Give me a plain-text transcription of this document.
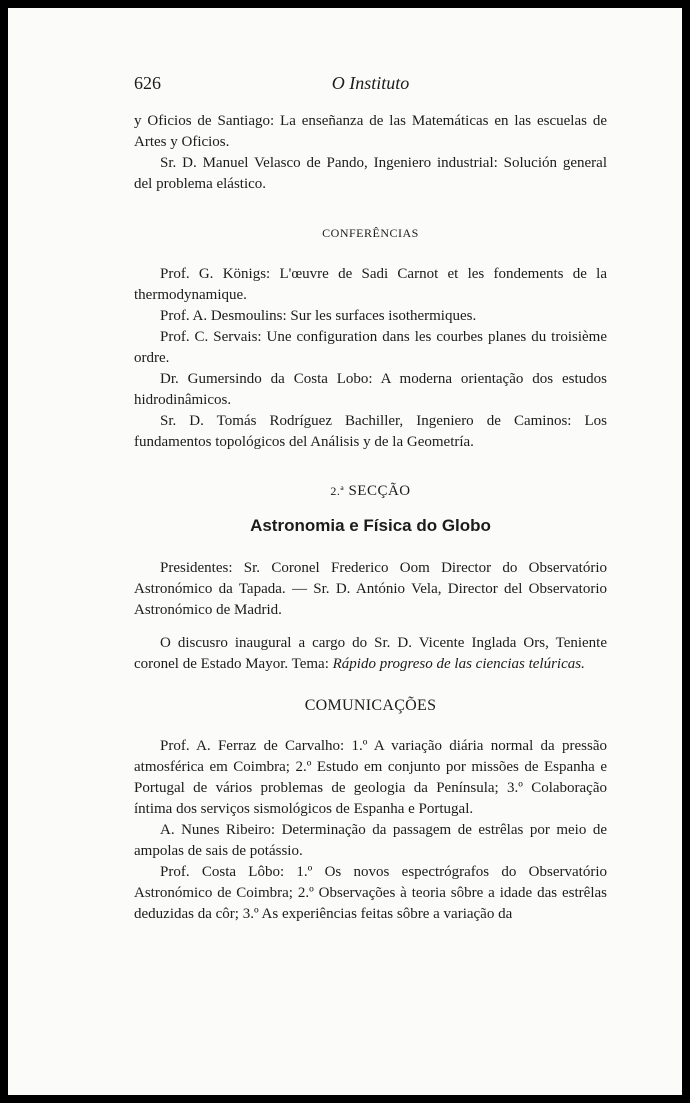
626	O Instituto

y Oficios de Santiago: La enseñanza de las Matemáticas en las escuelas de Artes y Oficios.

Sr. D. Manuel Velasco de Pando, Ingeniero industrial: Solución general del problema elástico.

CONFERÊNCIAS

Prof. G. Königs: L'œuvre de Sadi Carnot et les fondements de la thermodynamique.

Prof. A. Desmoulins: Sur les surfaces isothermiques.

Prof. C. Servais: Une configuration dans les courbes planes du troisième ordre.

Dr. Gumersindo da Costa Lobo: A moderna orientação dos estudos hidrodinâmicos.

Sr. D. Tomás Rodríguez Bachiller, Ingeniero de Caminos: Los fundamentos topológicos del Análisis y de la Geometría.

2.ª SECÇÃO
Astronomia e Física do Globo

Presidentes: Sr. Coronel Frederico Oom Director do Observatório Astronómico da Tapada. — Sr. D. António Vela, Director del Observatorio Astronómico de Madrid.

O discusro inaugural a cargo do Sr. D. Vicente Inglada Ors, Teniente coronel de Estado Mayor. Tema: Rápido progreso de las ciencias telúricas.

COMUNICAÇÕES

Prof. A. Ferraz de Carvalho: 1.º A variação diária normal da pressão atmosférica em Coimbra; 2.º Estudo em conjunto por missões de Espanha e Portugal de vários problemas de geologia da Península; 3.º Colaboração íntima dos serviços sismológicos de Espanha e Portugal.

A. Nunes Ribeiro: Determinação da passagem de estrêlas por meio de ampolas de sais de potássio.

Prof. Costa Lôbo: 1.º Os novos espectrógrafos do Observatório Astronómico de Coimbra; 2.º Observações à teoria sôbre a idade das estrêlas deduzidas da côr; 3.º As experiências feitas sôbre a variação da
